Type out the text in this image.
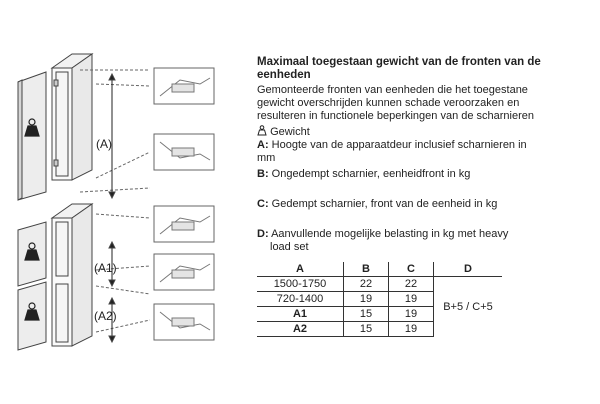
(A)
(A1)
(A2)
Maximaal toegestaan gewicht van de fronten van de eenheden
Gemonteerde fronten van eenheden die het toegestane
gewicht overschrijden kunnen schade veroorzaken en
resulteren in functionele beperkingen van de scharnieren
Gewicht
A: Hoogte van de apparaatdeur inclusief scharnieren in
mm
B: Ongedempt scharnier, eenheidfront in kg
C: Gedempt scharnier, front van de eenheid in kg
D: Aanvullende mogelijke belasting in kg met heavy
load set
A	B	C	D
1500-1750	22	22	B+5 / C+5
720-1400	19	19	
A1	15	19	
A2	15	19	
